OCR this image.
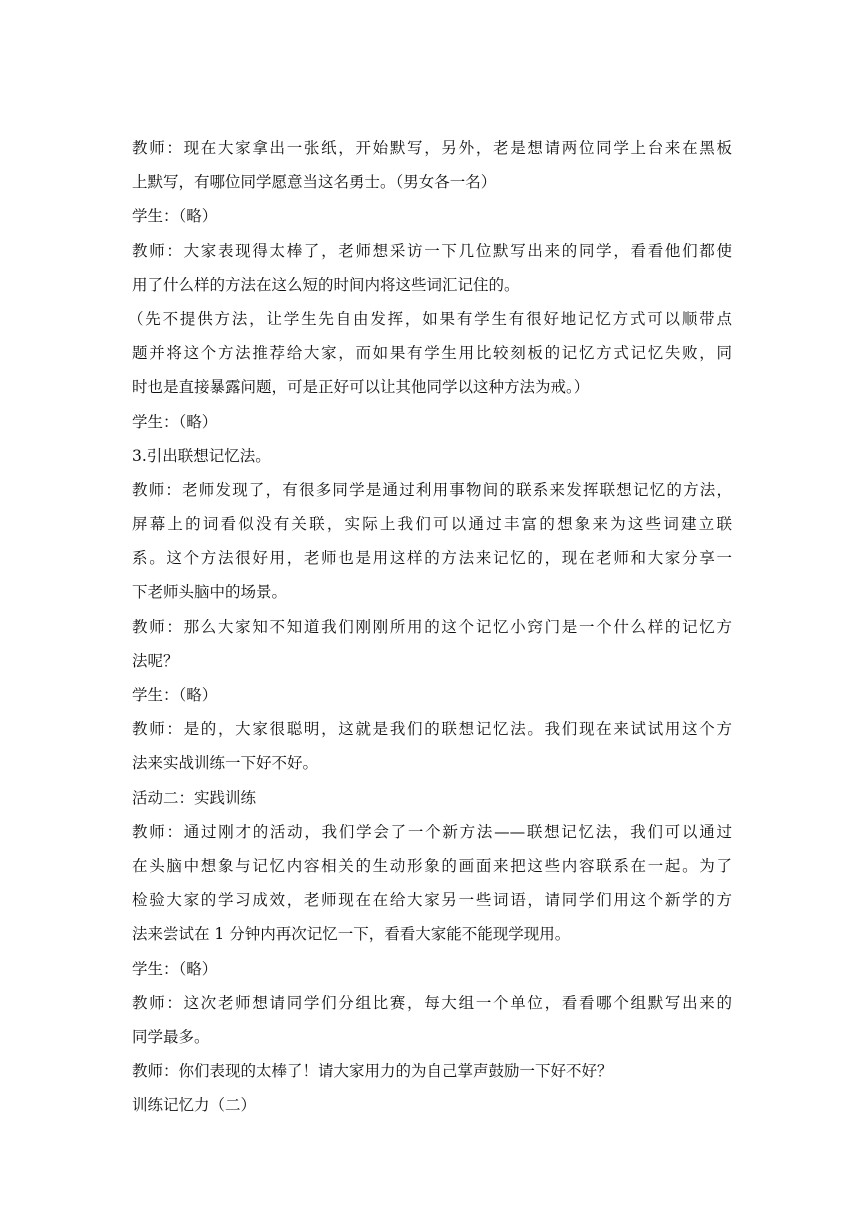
教师：现在大家拿出一张纸，开始默写，另外，老是想请两位同学上台来在黑板
上默写，有哪位同学愿意当这名勇士。（男女各一名）
学生：（略）
教师：大家表现得太棒了，老师想采访一下几位默写出来的同学，看看他们都使
用了什么样的方法在这么短的时间内将这些词汇记住的。
（先不提供方法，让学生先自由发挥，如果有学生有很好地记忆方式可以顺带点
题并将这个方法推荐给大家，而如果有学生用比较刻板的记忆方式记忆失败，同
时也是直接暴露问题，可是正好可以让其他同学以这种方法为戒。）
学生：（略）
3.引出联想记忆法。
教师：老师发现了，有很多同学是通过利用事物间的联系来发挥联想记忆的方法，
屏幕上的词看似没有关联，实际上我们可以通过丰富的想象来为这些词建立联
系。这个方法很好用，老师也是用这样的方法来记忆的，现在老师和大家分享一
下老师头脑中的场景。
教师：那么大家知不知道我们刚刚所用的这个记忆小窍门是一个什么样的记忆方
法呢？
学生：（略）
教师：是的，大家很聪明，这就是我们的联想记忆法。我们现在来试试用这个方
法来实战训练一下好不好。
活动二：实践训练
教师：通过刚才的活动，我们学会了一个新方法——联想记忆法，我们可以通过
在头脑中想象与记忆内容相关的生动形象的画面来把这些内容联系在一起。为了
检验大家的学习成效，老师现在在给大家另一些词语，请同学们用这个新学的方
法来尝试在 1 分钟内再次记忆一下，看看大家能不能现学现用。
学生：（略）
教师：这次老师想请同学们分组比赛，每大组一个单位，看看哪个组默写出来的
同学最多。
教师：你们表现的太棒了！请大家用力的为自己掌声鼓励一下好不好？
训练记忆力（二）
